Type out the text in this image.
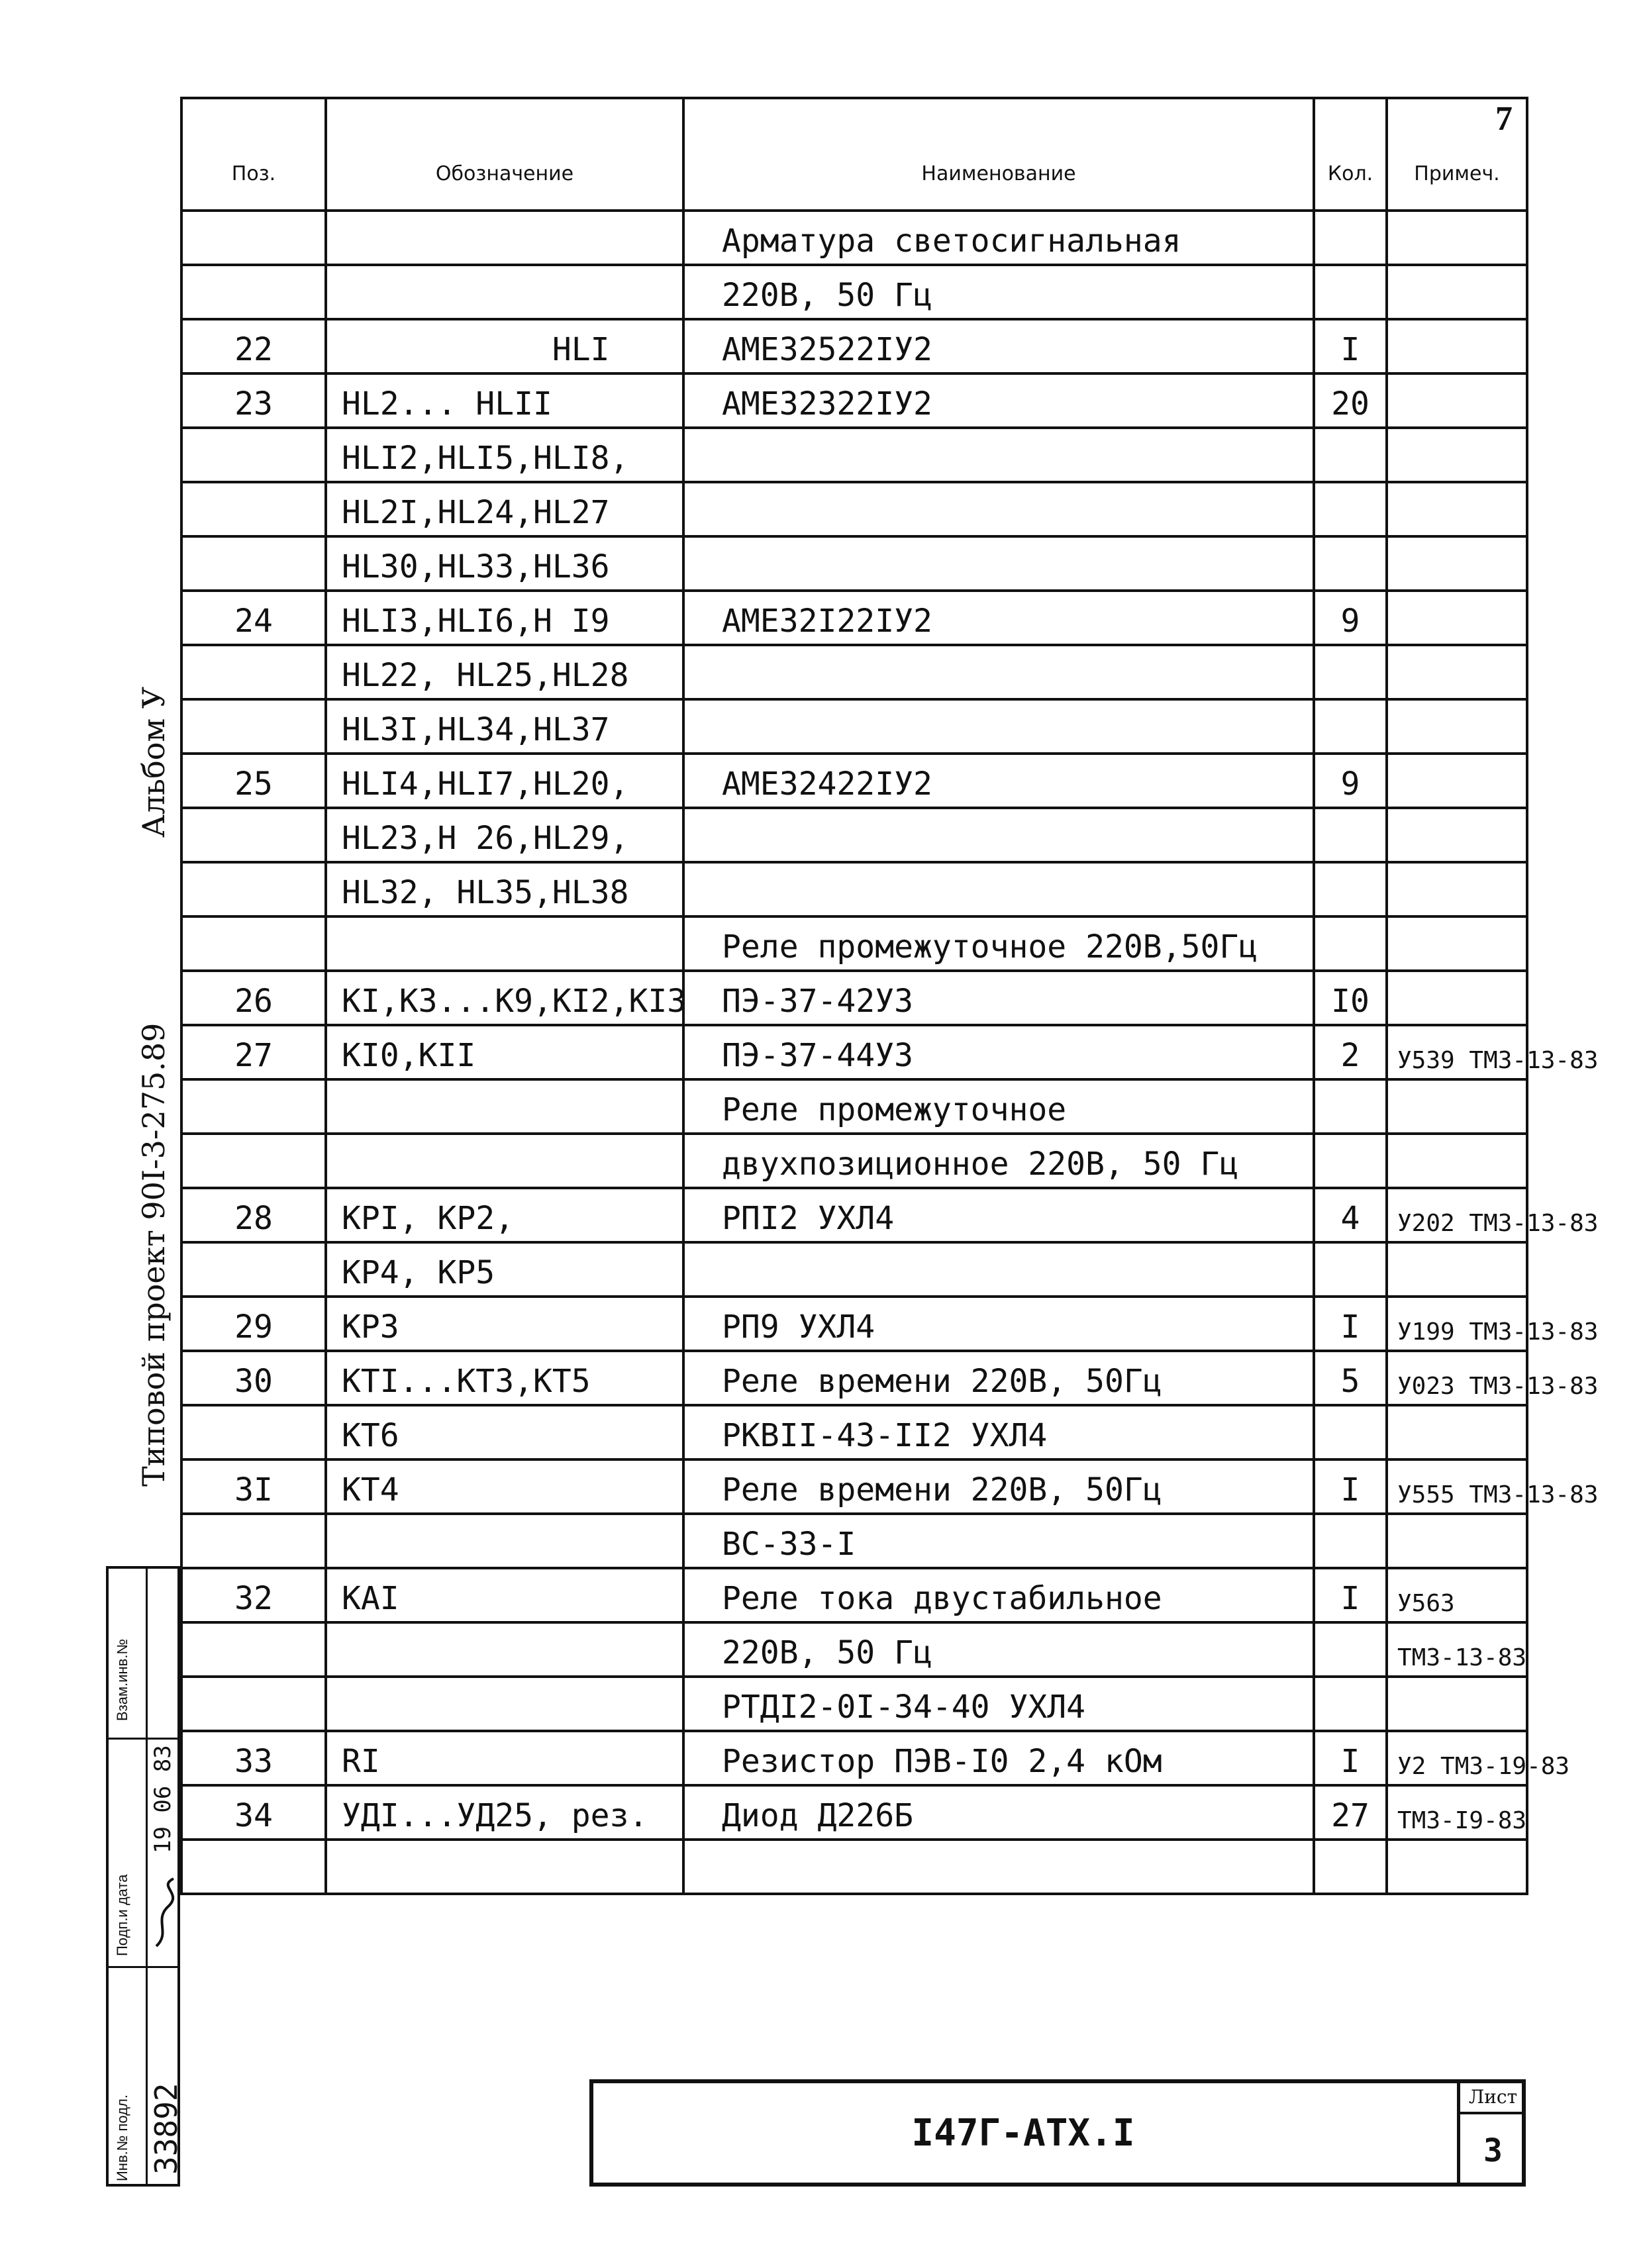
7
Поз.	Обозначение	Наименование	Кол.	Примеч.
		Арматура светосигнальная		
		220В, 50 Гц		
22	HLI	АМЕ32522IУ2	I	
23	HL2... HLII	АМЕ32322IУ2	20	
	HLI2,HLI5,HLI8,			
	HL2I,HL24,HL27			
	HL30,HL33,HL36			
24	HLI3,HLI6,H I9	АМЕ32I22IУ2	9	
	HL22, HL25,HL28			
	HL3I,HL34,HL37			
25	HLI4,HLI7,HL20,	АМЕ32422IУ2	9	
	HL23,H 26,HL29,			
	HL32, HL35,HL38			
		Реле промежуточное 220В,50Гц		
26	KI,K3...K9,KI2,KI3	ПЭ-37-42У3	I0	
27	KI0,KII	ПЭ-37-44У3	2	У539 ТМ3-13-83
		Реле промежуточное		
		двухпозиционное 220В, 50 Гц		
28	KPI, KP2,	РПI2 УХЛ4	4	У202 ТМ3-13-83
	KP4, KP5			
29	KP3	РП9 УХЛ4	I	У199 ТМ3-13-83
30	KTI...KT3,KT5	Реле времени 220В, 50Гц	5	У023 ТМ3-13-83
	KT6	РКВII-43-II2 УХЛ4		
3I	KT4	Реле времени 220В, 50Гц	I	У555 ТМ3-13-83
		ВС-33-I		
32	KAI	Реле тока двустабильное	I	У563
		220В, 50 Гц		ТМ3-13-83
		РТДI2-0I-34-40 УХЛ4		
33	RI	Резистор ПЭВ-I0 2,4 кОм	I	У2 ТМ3-19-83
34	УДI...УД25, рез.	Диод Д226Б	27	ТМ3-I9-83

I47Г-АТХ.I
Лист
3
Альбом У
Типовой проект 90I-3-275.89
Взам.инв.№
Подп.и дата
19 06 83
Инв.№ подл. 33892
